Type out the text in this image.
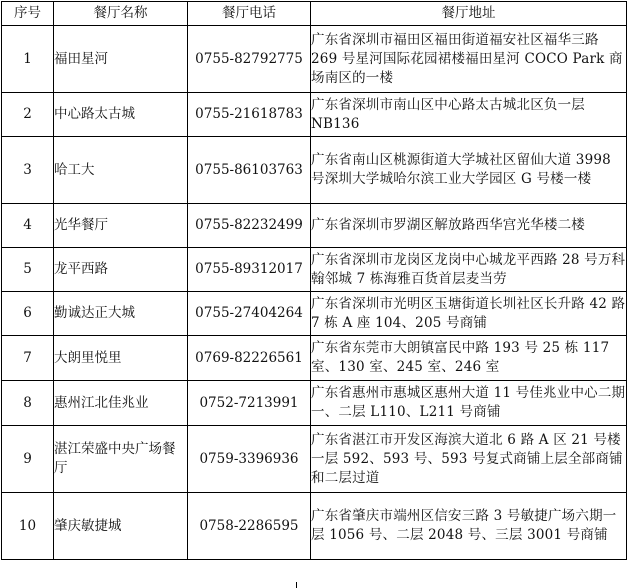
序号	餐厅名称	餐厅电话	餐厅地址
1	福田星河	0755-82792775	广东省深圳市福田区福田街道福安社区福华三路 269 号星河国际花园裙楼福田星河 COCO Park 商场南区的一楼
2	中心路太古城	0755-21618783	广东省深圳市南山区中心路太古城北区负一层 NB136
3	哈工大	0755-86103763	广东省南山区桃源街道大学城社区留仙大道 3998 号深圳大学城哈尔滨工业大学园区 G 号楼一楼
4	光华餐厅	0755-82232499	广东省深圳市罗湖区解放路西华宫光华楼二楼
5	龙平西路	0755-89312017	广东省深圳市龙岗区龙岗中心城龙平西路 28 号万科翰邻城 7 栋海雅百货首层麦当劳
6	勤诚达正大城	0755-27404264	广东省深圳市光明区玉塘街道长圳社区长升路 42 路 7 栋 A 座 104、205 号商铺
7	大朗里悦里	0769-82226561	广东省东莞市大朗镇富民中路 193 号 25 栋 117 室、130 室、245 室、246 室
8	惠州江北佳兆业	0752-7213991	广东省惠州市惠城区惠州大道 11 号佳兆业中心二期一、二层 L110、L211 号商铺
9	湛江荣盛中央广场餐厅	0759-3396936	广东省湛江市开发区海滨大道北 6 路 A 区 21 号楼一层 592、593 号、593 号复式商铺上层全部商铺和二层过道
10	肇庆敏捷城	0758-2286595	广东省肇庆市端州区信安三路 3 号敏捷广场六期一层 1056 号、二层 2048 号、三层 3001 号商铺
